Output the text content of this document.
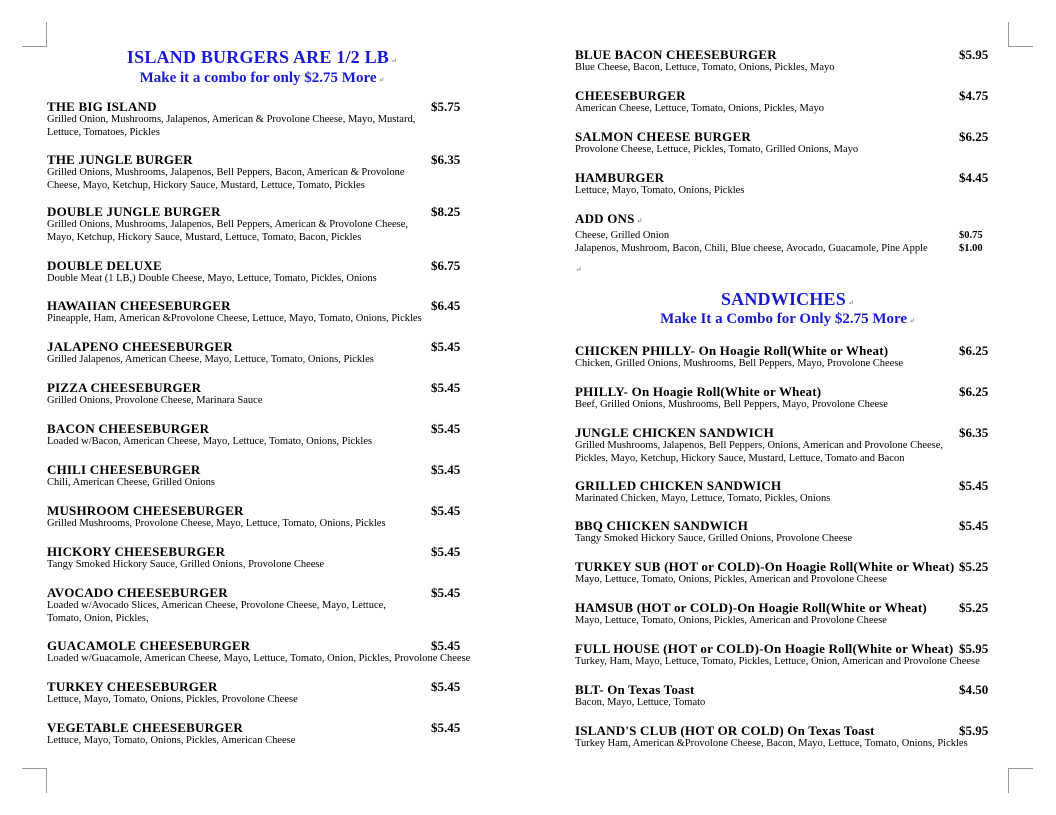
ISLAND BURGERS ARE 1/2 LB ↵
Make it a combo for only $2.75 More ↵
THE BIG ISLAND	$5.75
Grilled Onion, Mushrooms, Jalapenos, American & Provolone Cheese, Mayo, Mustard, Lettuce, Tomatoes, Pickles
THE JUNGLE BURGER	$6.35
Grilled Onions, Mushrooms, Jalapenos, Bell Peppers, Bacon, American & Provolone Cheese, Mayo, Ketchup, Hickory Sauce, Mustard, Lettuce, Tomato, Pickles
DOUBLE JUNGLE BURGER	$8.25
Grilled Onions, Mushrooms, Jalapenos, Bell Peppers, American & Provolone Cheese, Mayo, Ketchup, Hickory Sauce, Mustard, Lettuce, Tomato, Bacon, Pickles
DOUBLE DELUXE	$6.75
Double Meat (1 LB,) Double Cheese, Mayo, Lettuce, Tomato, Pickles, Onions
HAWAIIAN CHEESEBURGER	$6.45
Pineapple, Ham, American &Provolone Cheese, Lettuce, Mayo, Tomato, Onions, Pickles
JALAPENO CHEESEBURGER	$5.45
Grilled Jalapenos, American Cheese, Mayo, Lettuce, Tomato, Onions, Pickles
PIZZA CHEESEBURGER	$5.45
Grilled Onions, Provolone Cheese, Marinara Sauce
BACON CHEESEBURGER	$5.45
Loaded w/Bacon, American Cheese, Mayo, Lettuce, Tomato, Onions, Pickles
CHILI CHEESEBURGER	$5.45
Chili, American Cheese, Grilled Onions
MUSHROOM CHEESEBURGER	$5.45
Grilled Mushrooms, Provolone Cheese, Mayo, Lettuce, Tomato, Onions, Pickles
HICKORY CHEESEBURGER	$5.45
Tangy Smoked Hickory Sauce, Grilled Onions, Provolone Cheese
AVOCADO CHEESEBURGER	$5.45
Loaded w/Avocado Slices, American Cheese, Provolone Cheese, Mayo, Lettuce, Tomato, Onion, Pickles,
GUACAMOLE CHEESEBURGER	$5.45
Loaded w/Guacamole, American Cheese, Mayo, Lettuce, Tomato, Onion, Pickles, Provolone Cheese
TURKEY CHEESEBURGER	$5.45
Lettuce, Mayo, Tomato, Onions, Pickles, Provolone Cheese
VEGETABLE CHEESEBURGER	$5.45
Lettuce, Mayo, Tomato, Onions, Pickles, American Cheese
BLUE BACON CHEESEBURGER	$5.95
Blue Cheese, Bacon, Lettuce, Tomato, Onions, Pickles, Mayo
CHEESEBURGER	$4.75
American Cheese, Lettuce, Tomato, Onions, Pickles, Mayo
SALMON CHEESE BURGER	$6.25
Provolone Cheese, Lettuce, Pickles, Tomato, Grilled Onions, Mayo
HAMBURGER	$4.45
Lettuce, Mayo, Tomato, Onions, Pickles
ADD ONS ↵
Cheese, Grilled Onion	$0.75
Jalapenos, Mushroom, Bacon, Chili, Blue cheese, Avocado, Guacamole, Pine Apple	$1.00
↵
SANDWICHES ↵
Make It a Combo for Only $2.75 More ↵
CHICKEN PHILLY- On Hoagie Roll(White or Wheat)	$6.25
Chicken, Grilled Onions, Mushrooms, Bell Peppers, Mayo, Provolone Cheese
PHILLY- On Hoagie Roll(White or Wheat)	$6.25
Beef, Grilled Onions, Mushrooms, Bell Peppers, Mayo, Provolone Cheese
JUNGLE CHICKEN SANDWICH	$6.35
Grilled Mushrooms, Jalapenos, Bell Peppers, Onions, American and Provolone Cheese, Pickles, Mayo, Ketchup, Hickory Sauce, Mustard, Lettuce, Tomato and Bacon
GRILLED CHICKEN SANDWICH	$5.45
Marinated Chicken, Mayo, Lettuce, Tomato, Pickles, Onions
BBQ CHICKEN SANDWICH	$5.45
Tangy Smoked Hickory Sauce, Grilled Onions, Provolone Cheese
TURKEY SUB (HOT or COLD)-On Hoagie Roll(White or Wheat) $5.25
Mayo, Lettuce, Tomato, Onions, Pickles, American and Provolone Cheese
HAMSUB (HOT or COLD)-On Hoagie Roll(White or Wheat)	$5.25
Mayo, Lettuce, Tomato, Onions, Pickles, American and Provolone Cheese
FULL HOUSE (HOT or COLD)-On Hoagie Roll(White or Wheat) $5.95
Turkey, Ham, Mayo, Lettuce, Tomato, Pickles, Lettuce, Onion, American and Provolone Cheese
BLT- On Texas Toast	$4.50
Bacon, Mayo, Lettuce, Tomato
ISLAND'S CLUB (HOT OR COLD) On Texas Toast	$5.95
Turkey Ham, American &Provolone Cheese, Bacon, Mayo, Lettuce, Tomato, Onions, Pickles
